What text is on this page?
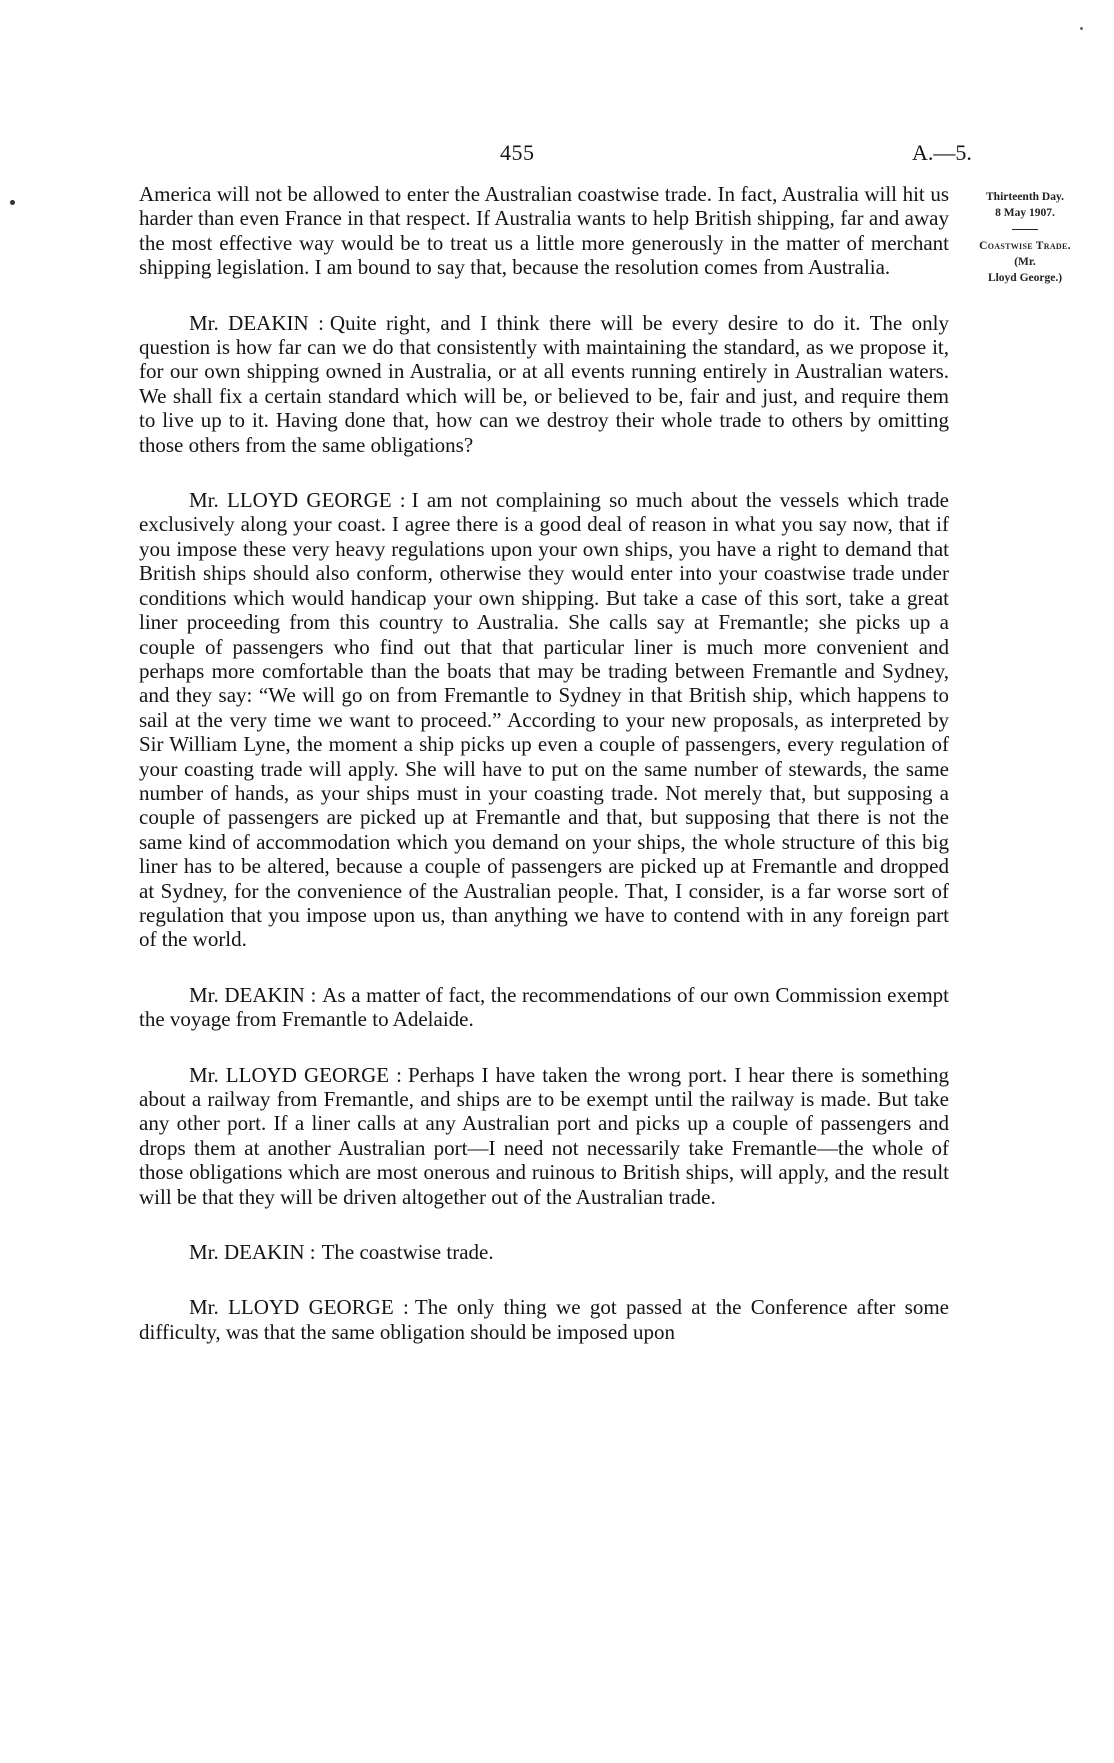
455	A.—5.
Thirteenth Day.
8 May 1907.
Coastwise Trade.
(Mr.
Lloyd George.)

America will not be allowed to enter the Australian coastwise trade. In fact, Australia will hit us harder than even France in that respect. If Australia wants to help British shipping, far and away the most effective way would be to treat us a little more generously in the matter of merchant shipping legislation. I am bound to say that, because the resolution comes from Australia.

Mr. DEAKIN : Quite right, and I think there will be every desire to do it. The only question is how far can we do that consistently with maintaining the standard, as we propose it, for our own shipping owned in Australia, or at all events running entirely in Australian waters. We shall fix a certain standard which will be, or believed to be, fair and just, and require them to live up to it. Having done that, how can we destroy their whole trade to others by omitting those others from the same obligations?

Mr. LLOYD GEORGE : I am not complaining so much about the vessels which trade exclusively along your coast. I agree there is a good deal of reason in what you say now, that if you impose these very heavy regulations upon your own ships, you have a right to demand that British ships should also conform, otherwise they would enter into your coastwise trade under conditions which would handicap your own shipping. But take a case of this sort, take a great liner proceeding from this country to Australia. She calls say at Fremantle; she picks up a couple of passengers who find out that that particular liner is much more convenient and perhaps more comfortable than the boats that may be trading between Fremantle and Sydney, and they say: “We will go on from Fremantle to Sydney in that British ship, which happens to sail at the very time we want to proceed.” According to your new proposals, as interpreted by Sir William Lyne, the moment a ship picks up even a couple of passengers, every regulation of your coasting trade will apply. She will have to put on the same number of stewards, the same number of hands, as your ships must in your coasting trade. Not merely that, but supposing a couple of passengers are picked up at Fremantle and that, but supposing that there is not the same kind of accommodation which you demand on your ships, the whole structure of this big liner has to be altered, because a couple of passengers are picked up at Fremantle and dropped at Sydney, for the convenience of the Australian people. That, I consider, is a far worse sort of regulation that you impose upon us, than anything we have to contend with in any foreign part of the world.

Mr. DEAKIN : As a matter of fact, the recommendations of our own Commission exempt the voyage from Fremantle to Adelaide.

Mr. LLOYD GEORGE : Perhaps I have taken the wrong port. I hear there is something about a railway from Fremantle, and ships are to be exempt until the railway is made. But take any other port. If a liner calls at any Australian port and picks up a couple of passengers and drops them at another Australian port—I need not necessarily take Fremantle—the whole of those obligations which are most onerous and ruinous to British ships, will apply, and the result will be that they will be driven altogether out of the Australian trade.

Mr. DEAKIN : The coastwise trade.

Mr. LLOYD GEORGE : The only thing we got passed at the Conference after some difficulty, was that the same obligation should be imposed upon
